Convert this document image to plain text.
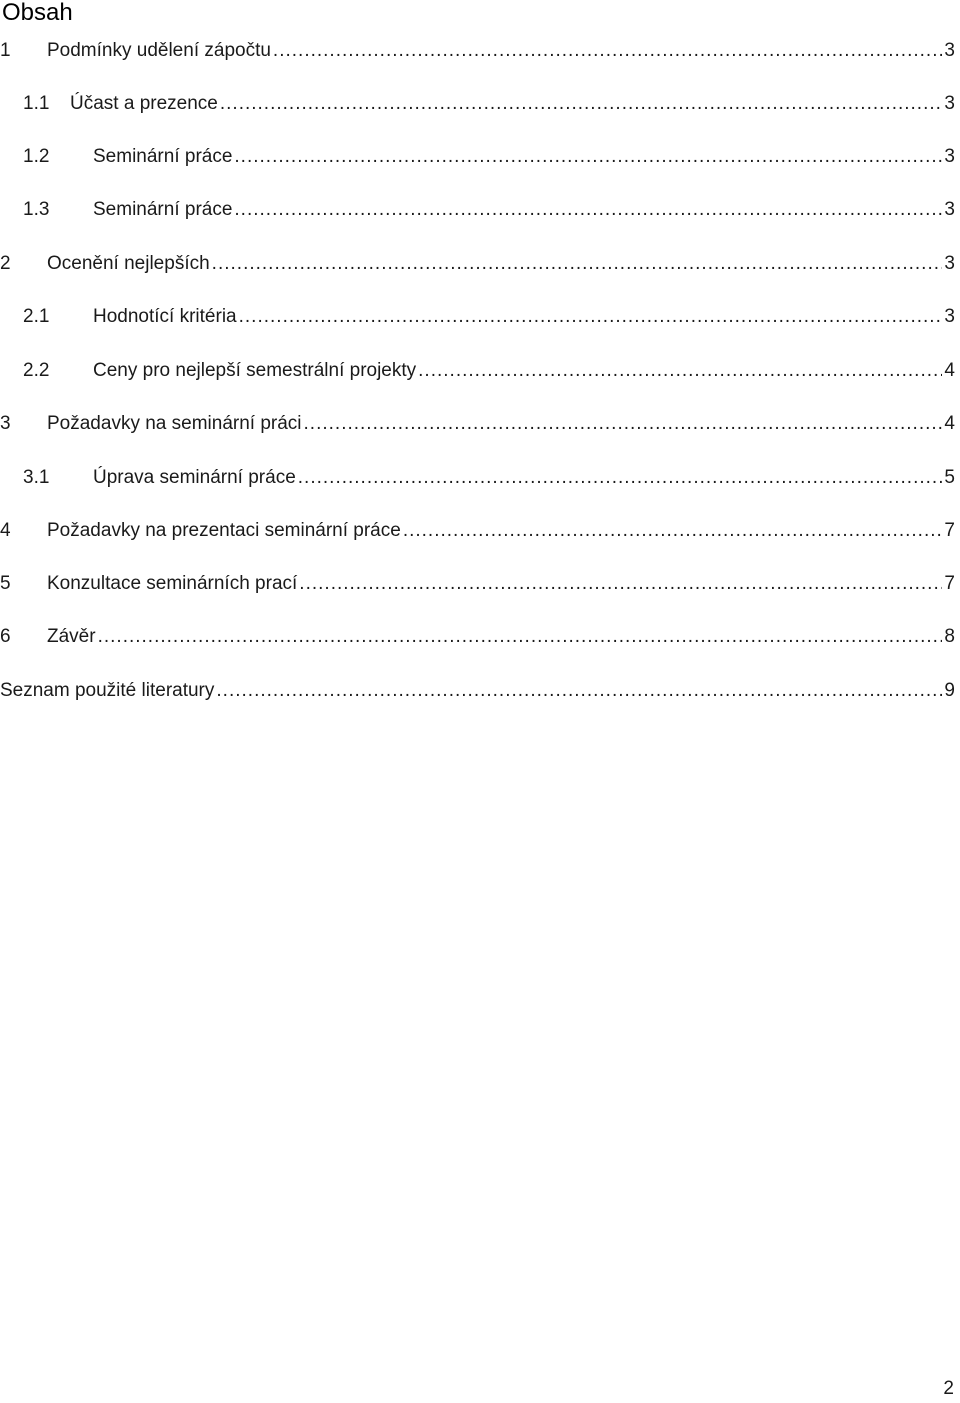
Obsah
1	Podmínky udělení zápočtu .....	3
1.1	Účast a prezence .....	3
1.2	Seminární práce .....	3
1.3	Seminární práce .....	3
2	Ocenění nejlepších .....	3
2.1	Hodnotící kritéria .....	3
2.2	Ceny pro nejlepší semestrální projekty .....	4
3	Požadavky na seminární práci .....	4
3.1	Úprava seminární práce .....	5
4	Požadavky na prezentaci seminární práce .....	7
5	Konzultace seminárních prací .....	7
6	Závěr .....	8
Seznam použité literatury .....	9
2
